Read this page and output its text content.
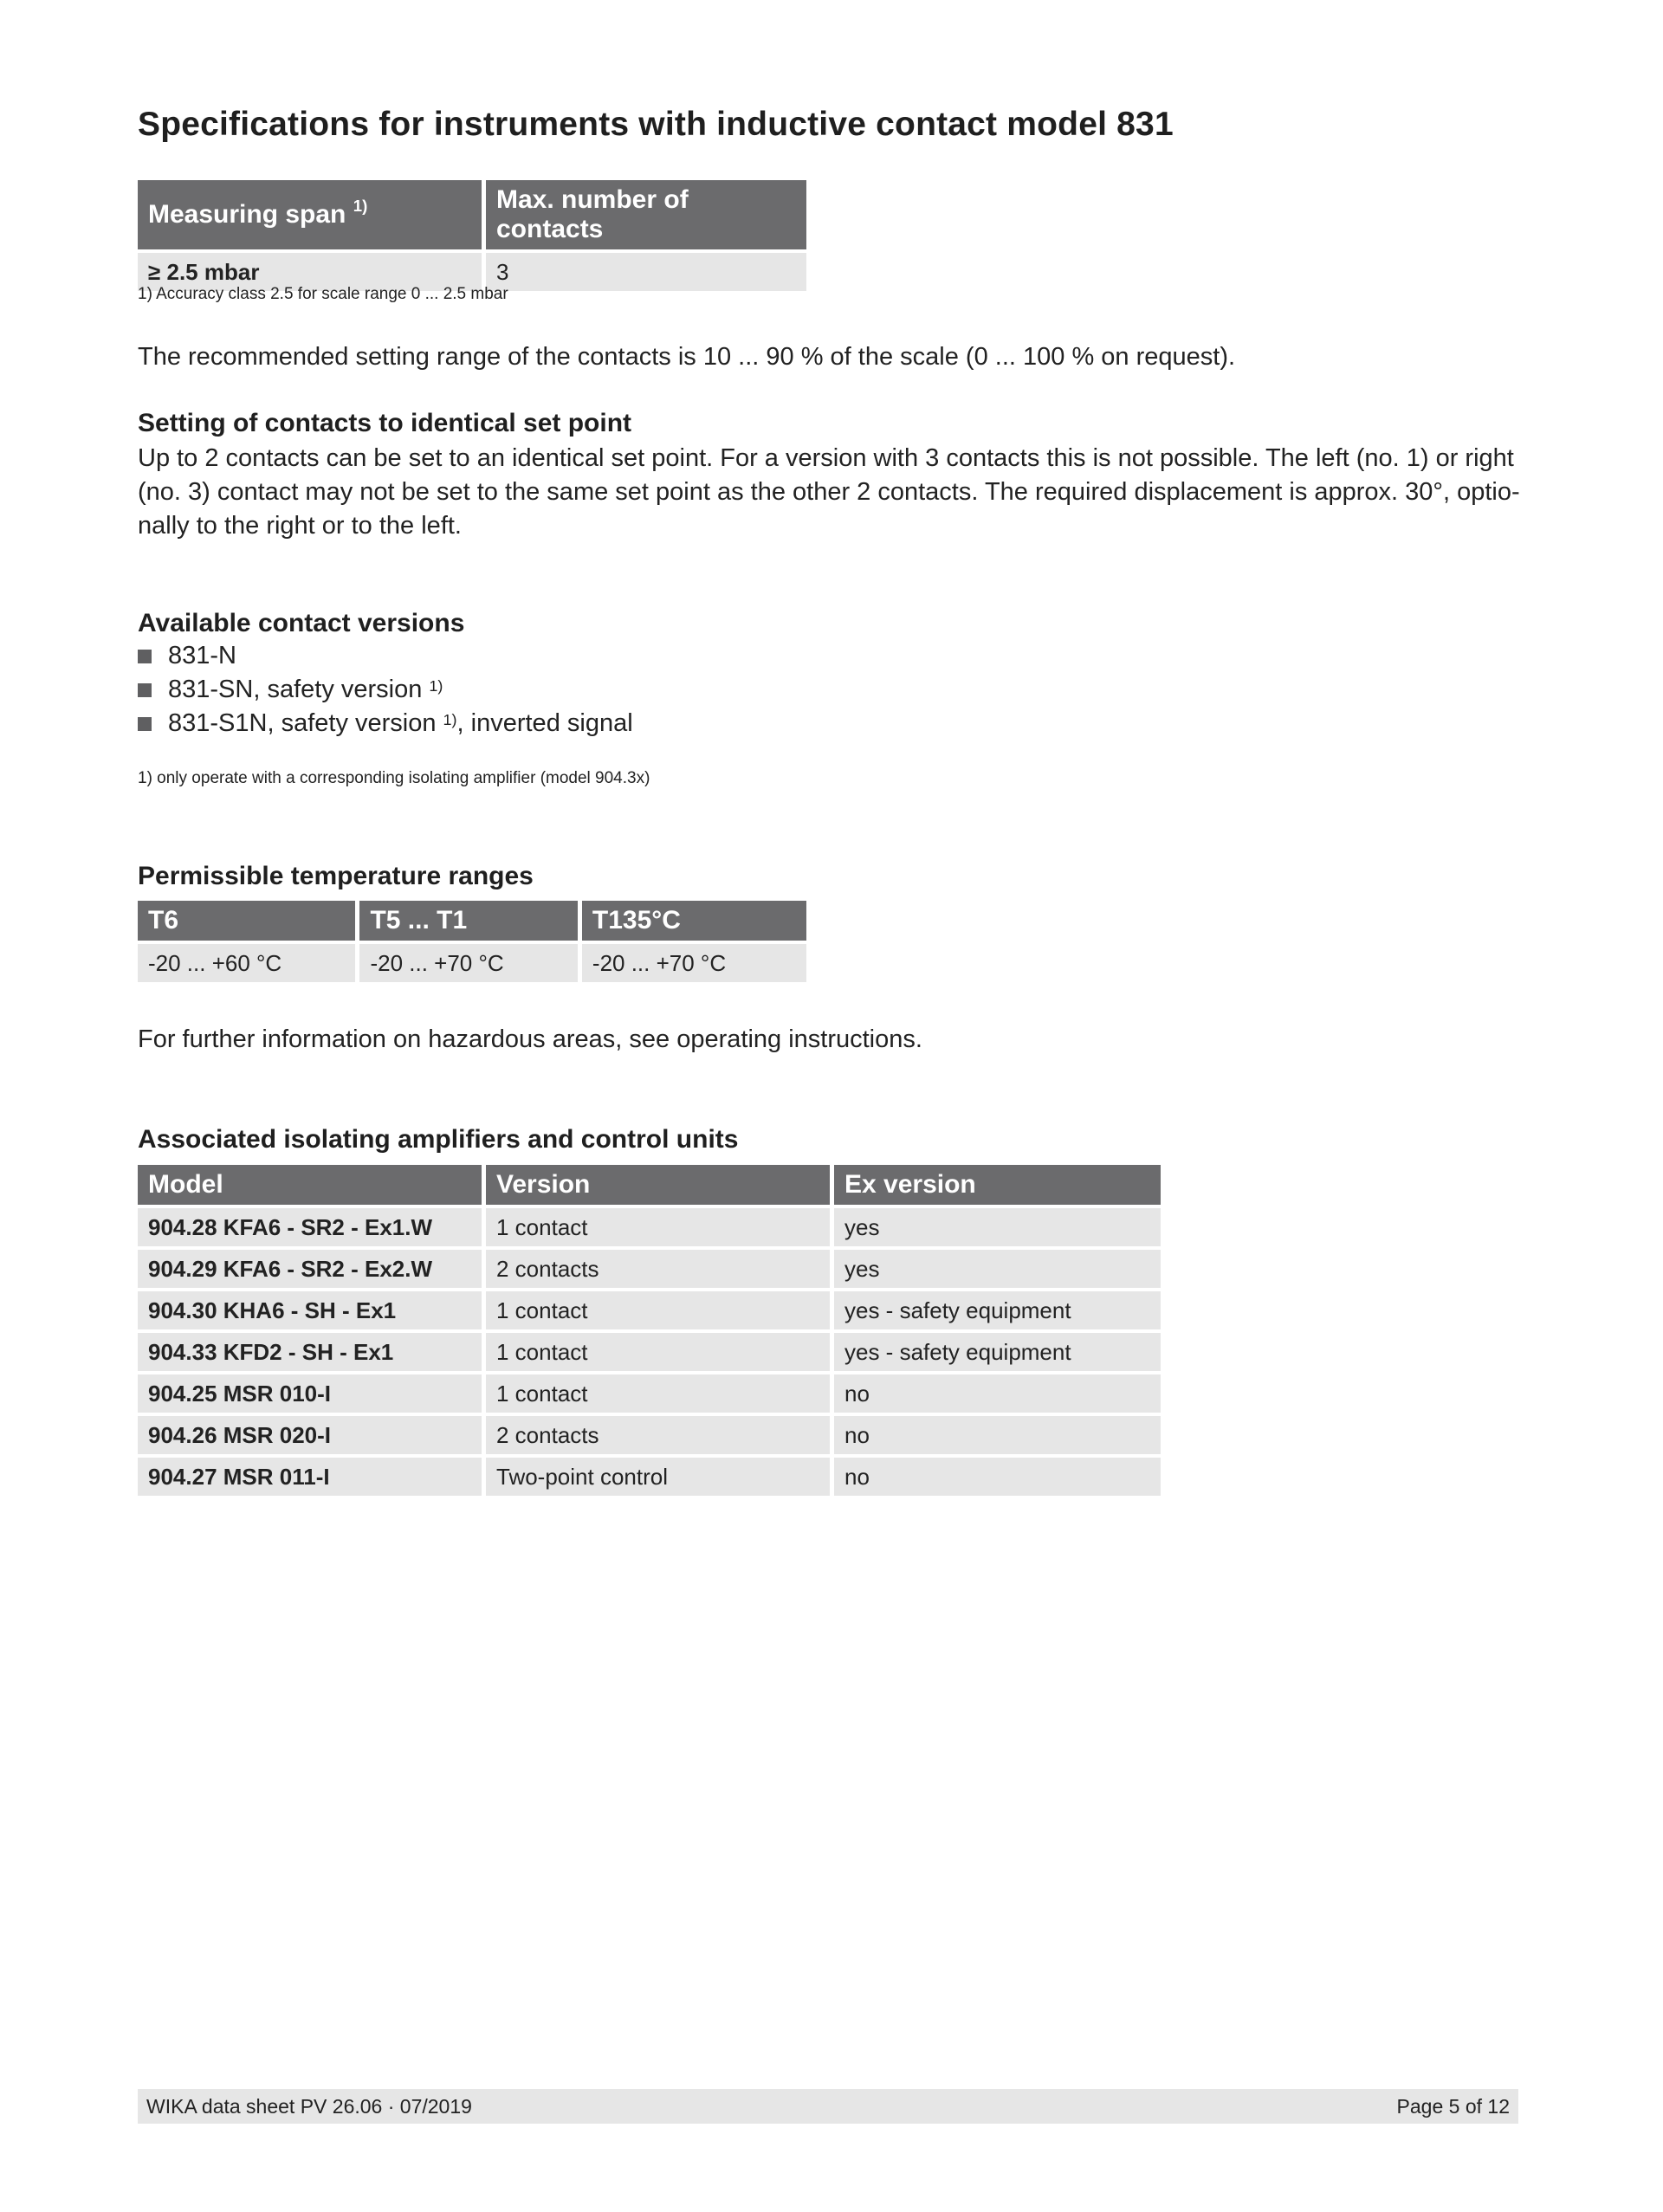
Specifications for instruments with inductive contact model 831
Measuring span $^{1)}$	Max. number of contacts
≥ 2.5 mbar	3

1) Accuracy class 2.5 for scale range 0 ... 2.5 mbar

The recommended setting range of the contacts is 10 ... 90 % of the scale (0 ... 100 % on request).

Setting of contacts to identical set point

Up to 2 contacts can be set to an identical set point. For a version with 3 contacts this is not possible. The left (no. 1) or right
(no. 3) contact may not be set to the same set point as the other 2 contacts. The required displacement is approx. 30°, optio-
nally to the right or to the left.

Available contact versions

831-N
831-SN, safety version $^{1)}$
831-S1N, safety version $^{1)}$ , inverted signal

1) only operate with a corresponding isolating amplifier (model 904.3x)

Permissible temperature ranges

T6	T5 ... T1	T135°C
-20 ... +60 °C	-20 ... +70 °C	-20 ... +70 °C

For further information on hazardous areas, see operating instructions.

Associated isolating amplifiers and control units

Model	Version	Ex version
904.28 KFA6 - SR2 - Ex1.W	1 contact	yes
904.29 KFA6 - SR2 - Ex2.W	2 contacts	yes
904.30 KHA6 - SH - Ex1	1 contact	yes - safety equipment
904.33 KFD2 - SH - Ex1	1 contact	yes - safety equipment
904.25 MSR 010-I	1 contact	no
904.26 MSR 020-I	2 contacts	no
904.27 MSR 011-I	Two-point control	no
WIKA data sheet PV 26.06 · 07/2019	Page 5 of 12
